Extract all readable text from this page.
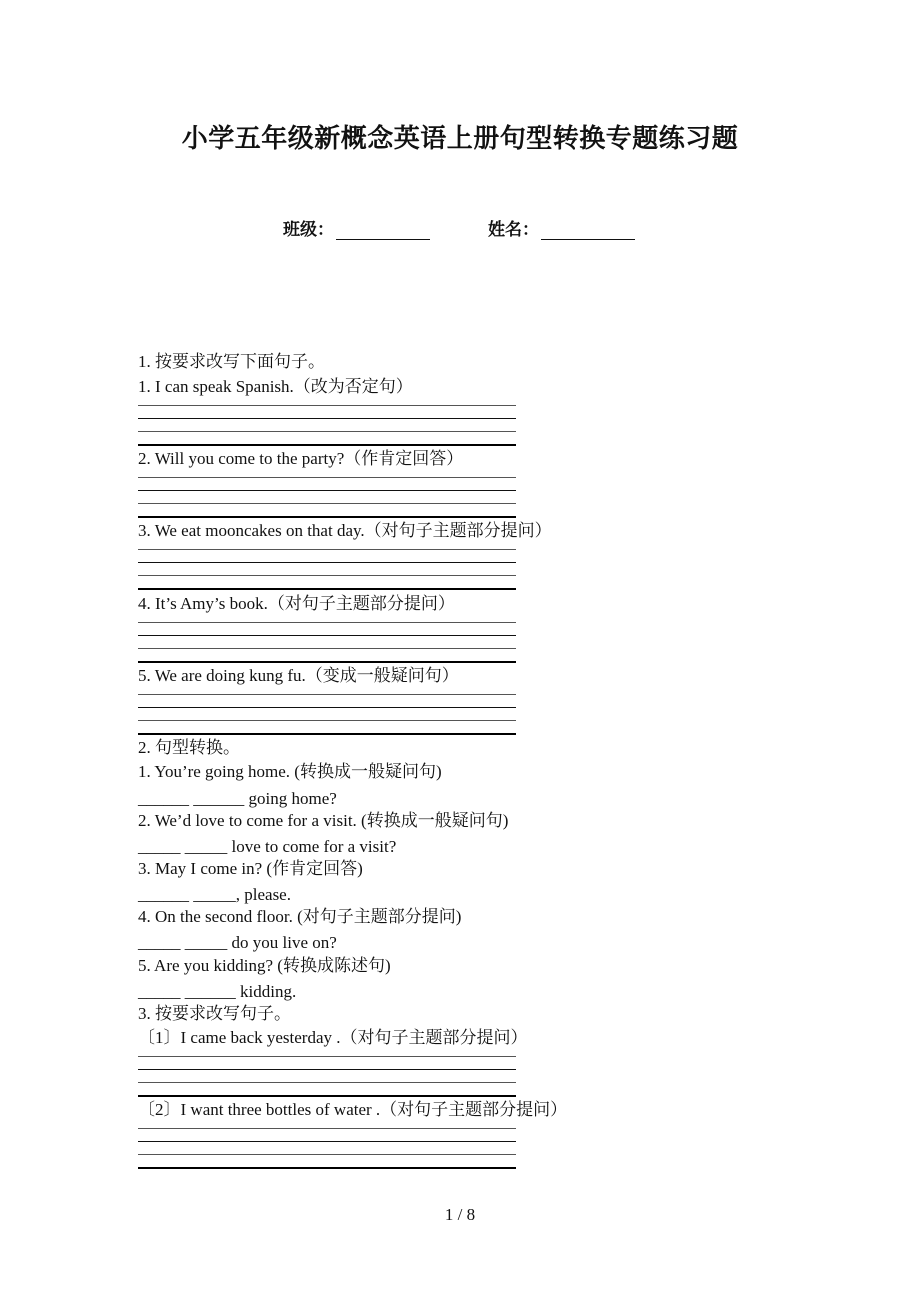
小学五年级新概念英语上册句型转换专题练习题
班级：	姓名：
1. 按要求改写下面句子。
2. 句型转换。
3. 按要求改写句子。
1 / 8
1. I can speak Spanish.（改为否定句）
2. Will you come to the party?（作肯定回答）
3. We eat mooncakes on that day.（对句子主题部分提问）
4. It’s Amy’s book.（对句子主题部分提问）
5. We are doing kung fu.（变成一般疑问句）
1. You’re going home. (转换成一般疑问句)
______ ______ going home?
2. We’d love to come for a visit. (转换成一般疑问句)
_____ _____ love to come for a visit?
3. May I come in? (作肯定回答)
______ _____, please.
4. On the second floor. (对句子主题部分提问)
_____ _____ do you live on?
5. Are you kidding? (转换成陈述句)
_____ ______ kidding.
〔1〕I came back yesterday .（对句子主题部分提问）
〔2〕I want three bottles of water .（对句子主题部分提问）
